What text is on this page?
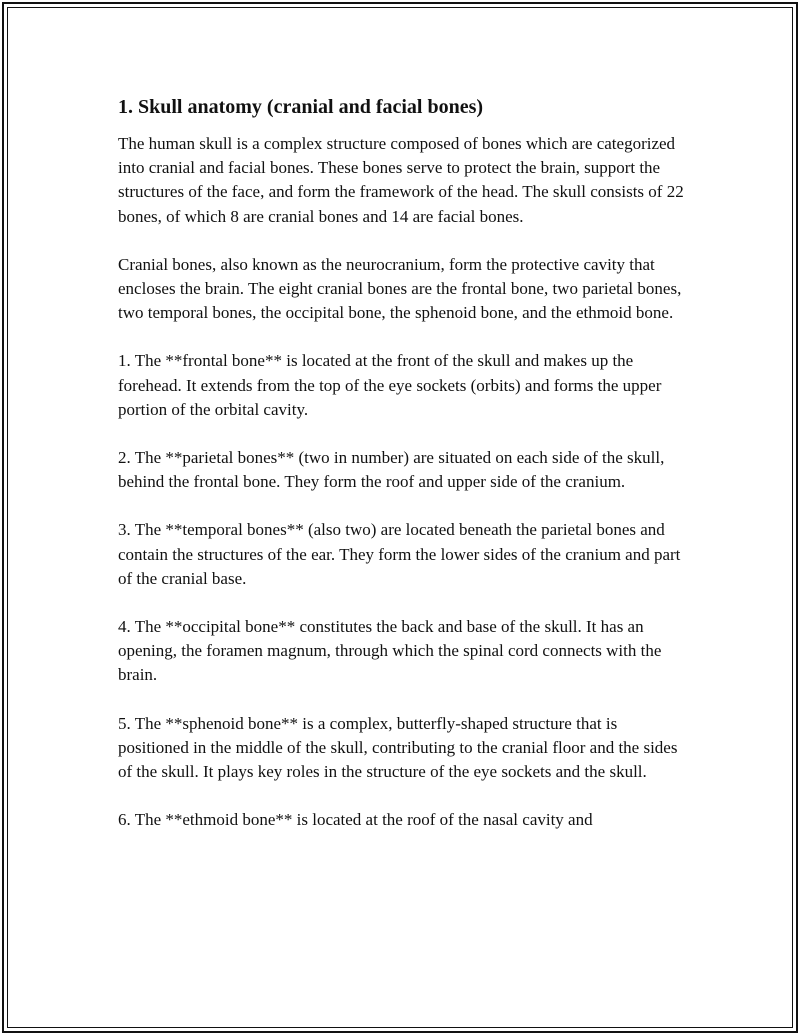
1. Skull anatomy (cranial and facial bones)

The human skull is a complex structure composed of bones which are categorized into cranial and facial bones. These bones serve to protect the brain, support the structures of the face, and form the framework of the head. The skull consists of 22 bones, of which 8 are cranial bones and 14 are facial bones.

Cranial bones, also known as the neurocranium, form the protective cavity that encloses the brain. The eight cranial bones are the frontal bone, two parietal bones, two temporal bones, the occipital bone, the sphenoid bone, and the ethmoid bone.

1. The **frontal bone** is located at the front of the skull and makes up the forehead. It extends from the top of the eye sockets (orbits) and forms the upper portion of the orbital cavity.

2. The **parietal bones** (two in number) are situated on each side of the skull, behind the frontal bone. They form the roof and upper side of the cranium.

3. The **temporal bones** (also two) are located beneath the parietal bones and contain the structures of the ear. They form the lower sides of the cranium and part of the cranial base.

4. The **occipital bone** constitutes the back and base of the skull. It has an opening, the foramen magnum, through which the spinal cord connects with the brain.

5. The **sphenoid bone** is a complex, butterfly-shaped structure that is positioned in the middle of the skull, contributing to the cranial floor and the sides of the skull. It plays key roles in the structure of the eye sockets and the skull.

6. The **ethmoid bone** is located at the roof of the nasal cavity and
